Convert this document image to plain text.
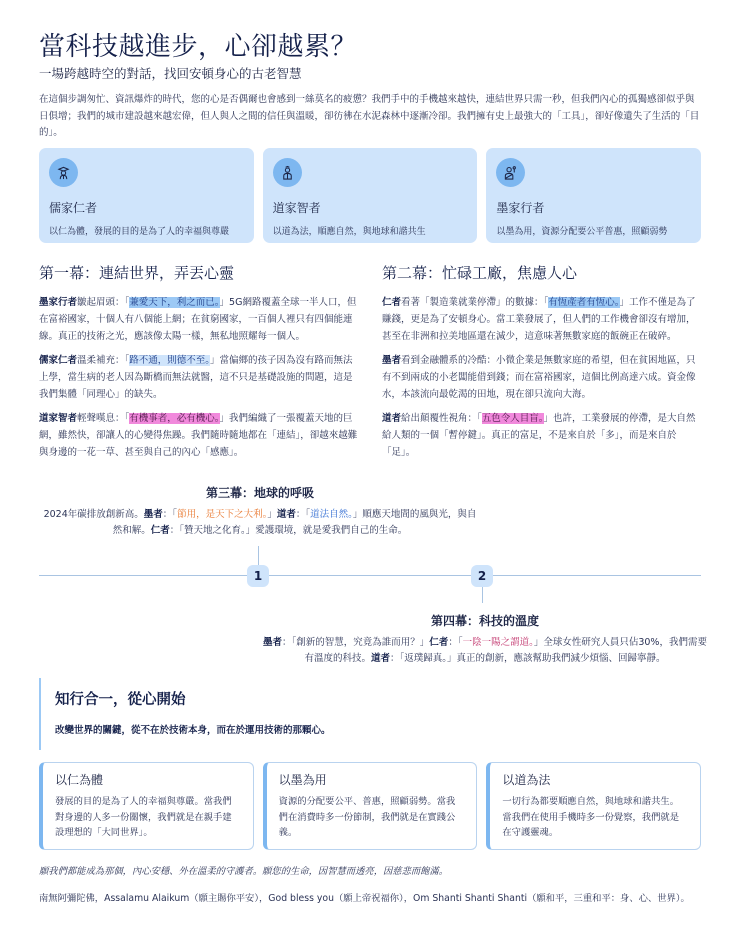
當科技越進步，心卻越累？
一場跨越時空的對話，找回安頓身心的古老智慧

在這個步調匆忙、資訊爆炸的時代，您的心是否偶爾也會感到一絲莫名的疲憊？我們手中的手機越來越快，連結世界只需一秒，但我們內心的孤獨感卻似乎與日俱增；我們的城市建設越來越宏偉，但人與人之間的信任與溫暖，卻彷彿在水泥森林中逐漸冷卻。我們擁有史上最強大的「工具」，卻好像遺失了生活的「目的」。

儒家仁者
以仁為體，發展的目的是為了人的幸福與尊嚴
道家智者
以道為法，順應自然，與地球和諧共生
墨家行者
以墨為用，資源分配要公平普惠，照顧弱勢
第一幕：連結世界，弄丟心靈

墨家行者皺起眉頭：「兼愛天下，利之而已。」5G網路覆蓋全球一半人口，但在富裕國家，十個人有八個能上網；在貧窮國家，一百個人裡只有四個能連線。真正的技術之光，應該像太陽一樣，無私地照耀每一個人。

儒家仁者溫柔補充：「路不通，則德不至。」當偏鄉的孩子因為沒有路而無法上學，當生病的老人因為斷橋而無法就醫，這不只是基礎設施的問題，這是我們集體「同理心」的缺失。

道家智者輕聲嘆息：「有機事者，必有機心。」我們編織了一張覆蓋天地的巨網，雖然快，卻讓人的心變得焦躁。我們隨時隨地都在「連結」，卻越來越難與身邊的一花一草、甚至與自己的內心「感應」。

第二幕：忙碌工廠，焦慮人心

仁者看著「製造業就業停滯」的數據：「有恆產者有恆心。」工作不僅是為了賺錢，更是為了安頓身心。當工業發展了，但人們的工作機會卻沒有增加，甚至在非洲和拉美地區還在減少，這意味著無數家庭的飯碗正在破碎。

墨者看到金融體系的冷酷：小微企業是無數家庭的希望，但在貧困地區，只有不到兩成的小老闆能借到錢；而在富裕國家，這個比例高達六成。資金像水，本該流向最乾渴的田地，現在卻只流向大海。

道者給出顛覆性視角：「五色令人目盲。」也許，工業發展的停滯，是大自然給人類的一個「暫停鍵」。真正的富足，不是來自於「多」，而是來自於「足」。

第三幕：地球的呼吸

2024年碳排放創新高。墨者：「節用，是天下之大利。」道者：「道法自然。」順應天地間的風與光，與自然和解。仁者：「贊天地之化育。」愛護環境，就是愛我們自己的生命。

1	2
第四幕：科技的溫度

墨者：「創新的智慧，究竟為誰而用？」仁者：「一陰一陽之謂道。」全球女性研究人員只佔30%，我們需要有溫度的科技。道者：「返璞歸真。」真正的創新，應該幫助我們減少煩惱、回歸寧靜。

知行合一，從心開始

改變世界的關鍵，從不在於技術本身，而在於運用技術的那顆心。

以仁為體
發展的目的是為了人的幸福與尊嚴。當我們對身邊的人多一份關懷，我們就是在親手建設理想的「大同世界」。
以墨為用
資源的分配要公平、普惠，照顧弱勢。當我們在消費時多一份節制，我們就是在實踐公義。
以道為法
一切行為都要順應自然，與地球和諧共生。當我們在使用手機時多一份覺察，我們就是在守護靈魂。

願我們都能成為那個，內心安穩、外在溫柔的守護者。願您的生命，因智慧而透亮，因慈悲而飽滿。

南無阿彌陀佛，Assalamu Alaikum（願主賜你平安），God bless you（願上帝祝福你），Om Shanti Shanti Shanti（願和平，三重和平：身、心、世界）。
